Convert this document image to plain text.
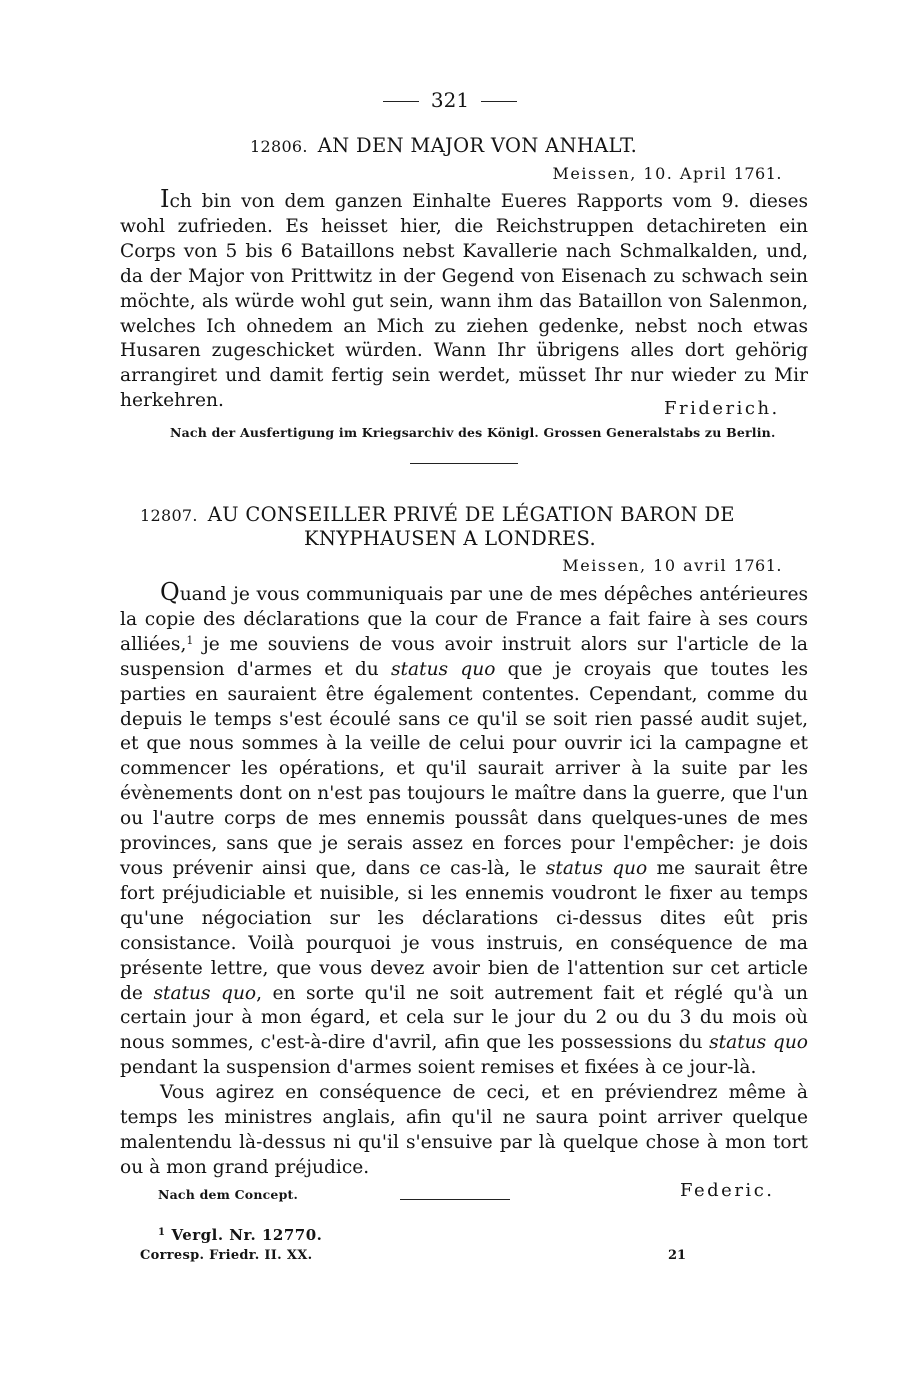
321
12806. AN DEN MAJOR VON ANHALT.
Meissen, 10. April 1761.

Ich bin von dem ganzen Einhalte Eueres Rapports vom 9. dieses wohl zufrieden. Es heisset hier, die Reichstruppen detachireten ein Corps von 5 bis 6 Bataillons nebst Kavallerie nach Schmalkalden, und, da der Major von Prittwitz in der Gegend von Eisenach zu schwach sein möchte, als würde wohl gut sein, wann ihm das Bataillon von Salenmon, welches Ich ohnedem an Mich zu ziehen gedenke, nebst noch etwas Husaren zugeschicket würden. Wann Ihr übrigens alles dort gehörig arrangiret und damit fertig sein werdet, müsset Ihr nur wieder zu Mir herkehren.	Friderich.
Nach der Ausfertigung im Kriegsarchiv des Königl. Grossen Generalstabs zu Berlin.
12807. AU CONSEILLER PRIVÉ DE LÉGATION BARON DE
KNYPHAUSEN A LONDRES.
Meissen, 10 avril 1761.

Quand je vous communiquais par une de mes dépêches antérieures la copie des déclarations que la cour de France a fait faire à ses cours alliées,$^1$ je me souviens de vous avoir instruit alors sur l'article de la suspension d'armes et du status quo que je croyais que toutes les parties en sauraient être également contentes. Cependant, comme du depuis le temps s'est écoulé sans ce qu'il se soit rien passé audit sujet, et que nous sommes à la veille de celui pour ouvrir ici la campagne et commencer les opérations, et qu'il saurait arriver à la suite par les évènements dont on n'est pas toujours le maître dans la guerre, que l'un ou l'autre corps de mes ennemis poussât dans quelques-unes de mes provinces, sans que je serais assez en forces pour l'empêcher: je dois vous prévenir ainsi que, dans ce cas-là, le status quo me saurait être fort préjudiciable et nuisible, si les ennemis voudront le fixer au temps qu'une négociation sur les déclarations ci-dessus dites eût pris consistance. Voilà pourquoi je vous instruis, en conséquence de ma présente lettre, que vous devez avoir bien de l'attention sur cet article de status quo, en sorte qu'il ne soit autrement fait et réglé qu'à un certain jour à mon égard, et cela sur le jour du 2 ou du 3 du mois où nous sommes, c'est-à-dire d'avril, afin que les possessions du status quo pendant la suspension d'armes soient remises et fixées à ce jour-là.

Vous agirez en conséquence de ceci, et en préviendrez même à temps les ministres anglais, afin qu'il ne saura point arriver quelque malentendu là-dessus ni qu'il s'ensuive par là quelque chose à mon tort ou à mon grand préjudice.

Nach dem Concept.	Federic.
$^1$ Vergl. Nr. 12770.
Corresp. Friedr. II. XX.	21
